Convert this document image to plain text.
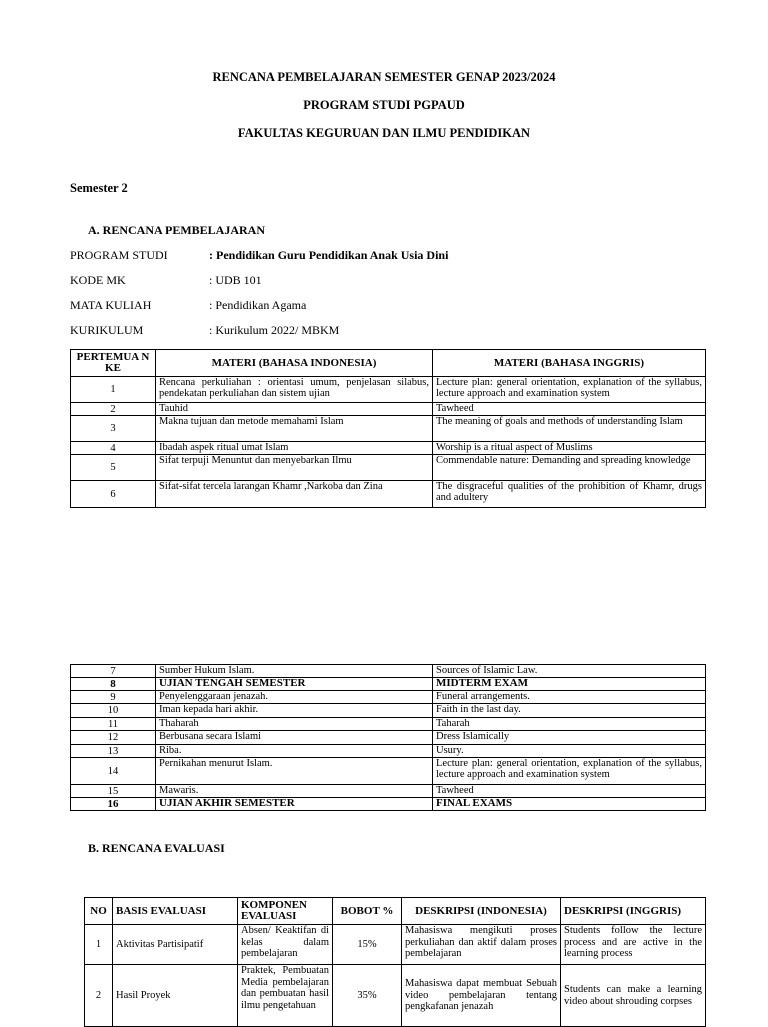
RENCANA PEMBELAJARAN SEMESTER GENAP 2023/2024
PROGRAM STUDI PGPAUD
FAKULTAS KEGURUAN DAN ILMU PENDIDIKAN
Semester 2
A. RENCANA PEMBELAJARAN
PROGRAM STUDI	: Pendidikan Guru Pendidikan Anak Usia Dini
KODE MK	: UDB 101
MATA KULIAH	: Pendidikan Agama
KURIKULUM	: Kurikulum 2022/ MBKM
PERTEMUA N KE	MATERI (BAHASA INDONESIA)	MATERI (BAHASA INGGRIS)
1	Rencana perkuliahan : orientasi umum, penjelasan silabus, pendekatan perkuliahan dan sistem ujian	Lecture plan: general orientation, explanation of the syllabus, lecture approach and examination system
2	Tauhid	Tawheed
3	Makna tujuan dan metode memahami Islam	The meaning of goals and methods of understanding Islam
4	Ibadah aspek ritual umat Islam	Worship is a ritual aspect of Muslims
5	Sifat terpuji Menuntut dan menyebarkan Ilmu	Commendable nature: Demanding and spreading knowledge
6	Sifat-sifat tercela larangan Khamr ,Narkoba dan Zina	The disgraceful qualities of the prohibition of Khamr, drugs and adultery
7	Sumber Hukum Islam.	Sources of Islamic Law.
8	UJIAN TENGAH SEMESTER	MIDTERM EXAM
9	Penyelenggaraan jenazah.	Funeral arrangements.
10	Iman kepada hari akhir.	Faith in the last day.
11	Thaharah	Taharah
12	Berbusana secara Islami	Dress Islamically
13	Riba.	Usury.
14	Pernikahan menurut Islam.	Lecture plan: general orientation, explanation of the syllabus, lecture approach and examination system
15	Mawaris.	Tawheed
16	UJIAN AKHIR SEMESTER	FINAL EXAMS
B. RENCANA EVALUASI
NO	BASIS EVALUASI	KOMPONEN EVALUASI	BOBOT %	DESKRIPSI (INDONESIA)	DESKRIPSI (INGGRIS)
1	Aktivitas Partisipatif	Absen/ Keaktifan di kelas dalam pembelajaran	15%	Mahasiswa mengikuti proses perkuliahan dan aktif dalam proses pembelajaran	Students follow the lecture process and are active in the learning process
2	Hasil Proyek	Praktek, Pembuatan Media pembelajaran dan pembuatan hasil ilmu pengetahuan	35%	Mahasiswa dapat membuat Sebuah video pembelajaran tentang pengkafanan jenazah	Students can make a learning video about shrouding corpses
